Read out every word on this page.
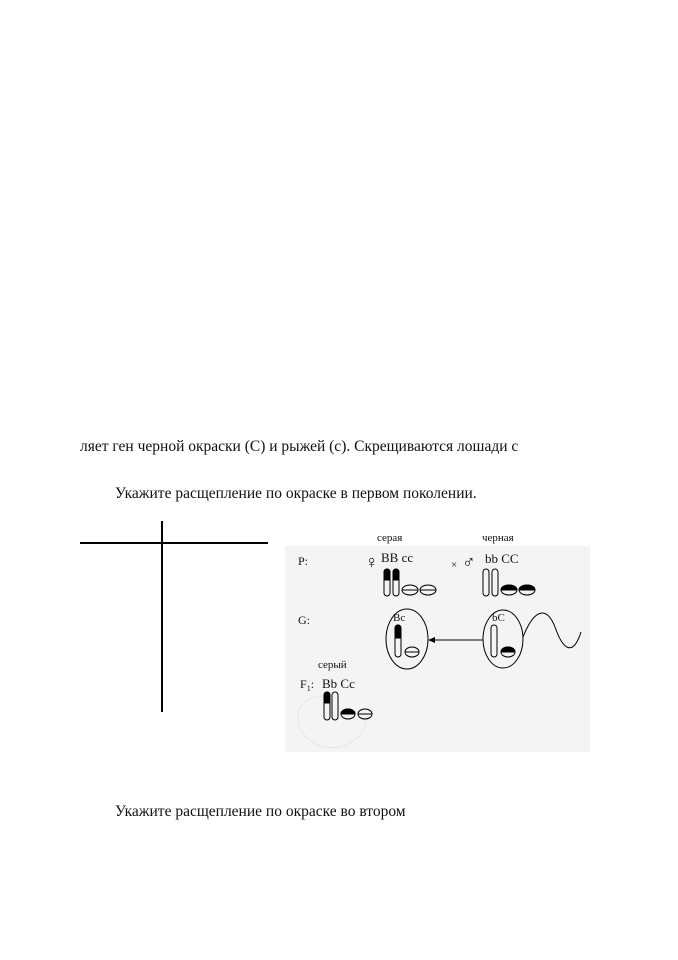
ляет ген черной окраски (С) и рыжей (с). Скрещиваются лошади с
Укажите расщепление по окраске в первом поколении.
Укажите расщепление по окраске во втором
серая	черная
P:	♀ BB cc	× ♂ bb CC
G:	Bc	bC
серый
$F_1$: Bb Cc
